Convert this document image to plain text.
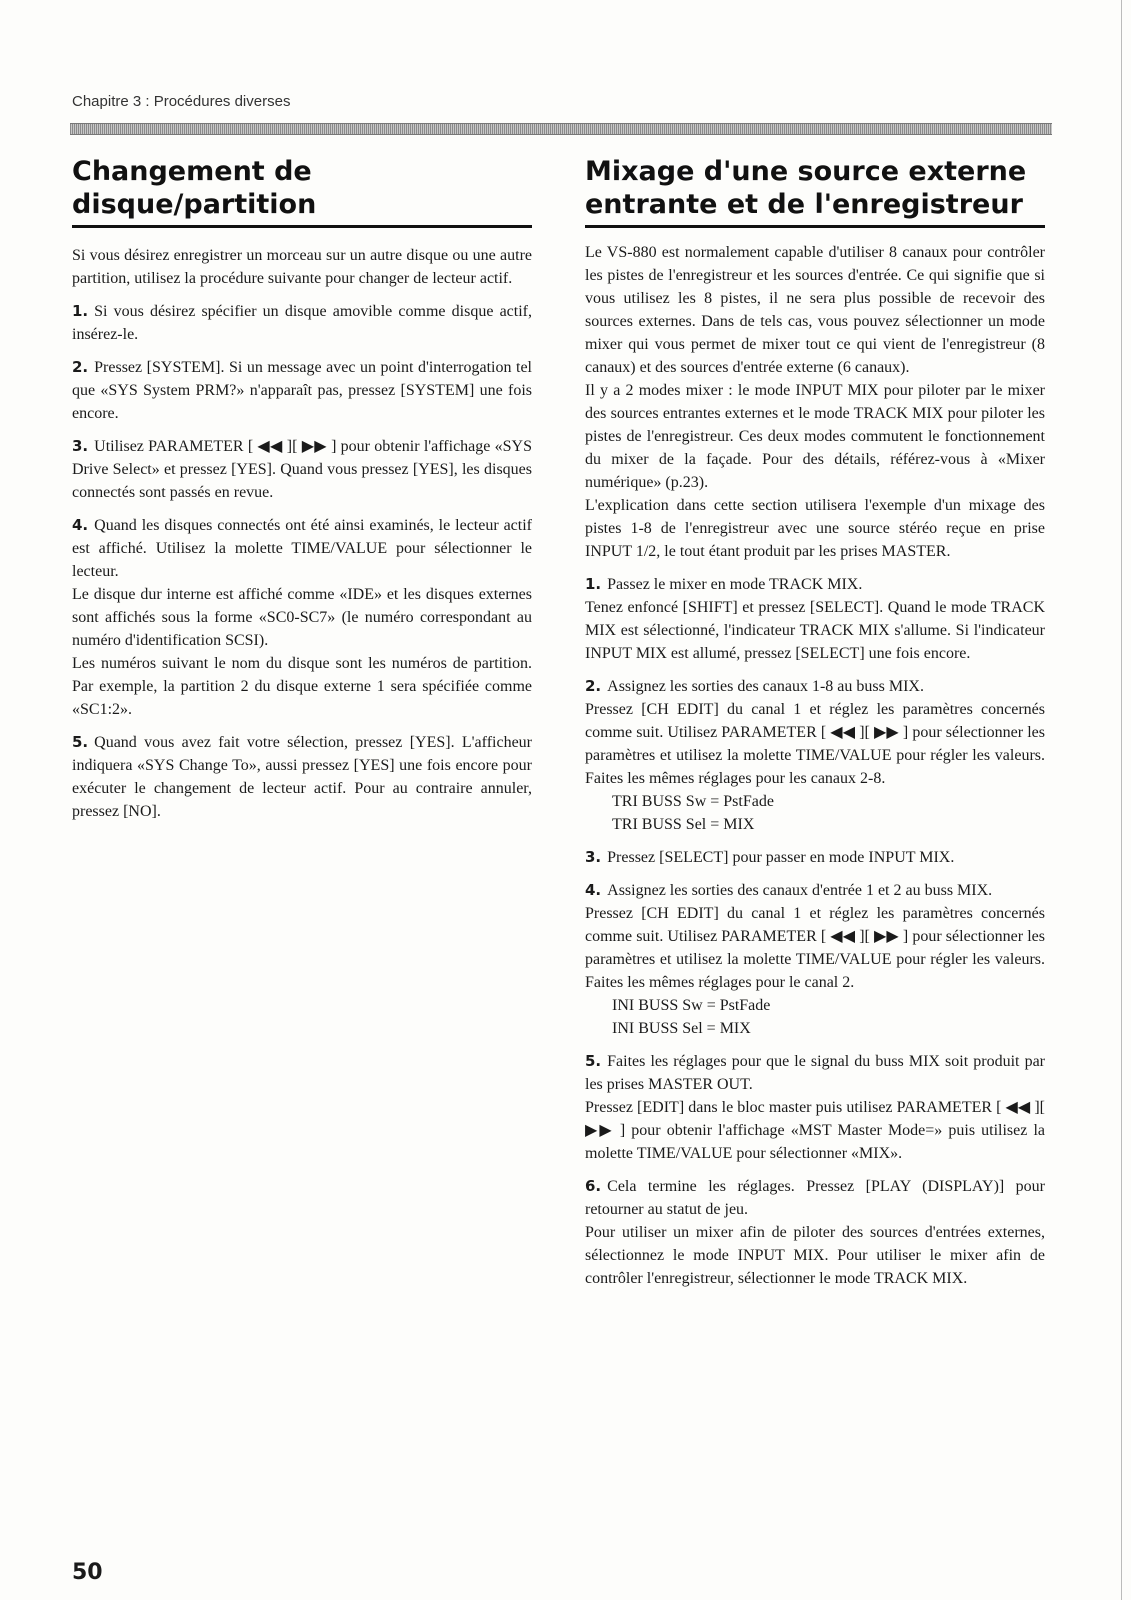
Chapitre 3 : Procédures diverses
Changement de disque/partition

Si vous désirez enregistrer un morceau sur un autre disque ou une autre partition, utilisez la procédure suivante pour changer de lecteur actif.

1. Si vous désirez spécifier un disque amovible comme disque actif, insérez-le.

2. Pressez [SYSTEM]. Si un message avec un point d'interrogation tel que «SYS System PRM?» n'apparaît pas, pressez [SYSTEM] une fois encore.

3. Utilisez PARAMETER [ ◀◀ ][ ▶▶ ] pour obtenir l'affichage «SYS Drive Select» et pressez [YES]. Quand vous pressez [YES], les disques connectés sont passés en revue.

4. Quand les disques connectés ont été ainsi examinés, le lecteur actif est affiché. Utilisez la molette TIME/VALUE pour sélectionner le lecteur.

Le disque dur interne est affiché comme «IDE» et les disques externes sont affichés sous la forme «SC0-SC7» (le numéro correspondant au numéro d'identification SCSI).

Les numéros suivant le nom du disque sont les numéros de partition. Par exemple, la partition 2 du disque externe 1 sera spécifiée comme «SC1:2».

5. Quand vous avez fait votre sélection, pressez [YES]. L'afficheur indiquera «SYS Change To», aussi pressez [YES] une fois encore pour exécuter le changement de lecteur actif. Pour au contraire annuler, pressez [NO].

Mixage d'une source externe entrante et de l'enregistreur

Le VS-880 est normalement capable d'utiliser 8 canaux pour contrôler les pistes de l'enregistreur et les sources d'entrée. Ce qui signifie que si vous utilisez les 8 pistes, il ne sera plus possible de recevoir des sources externes. Dans de tels cas, vous pouvez sélectionner un mode mixer qui vous permet de mixer tout ce qui vient de l'enregistreur (8 canaux) et des sources d'entrée externe (6 canaux).

Il y a 2 modes mixer : le mode INPUT MIX pour piloter par le mixer des sources entrantes externes et le mode TRACK MIX pour piloter les pistes de l'enregistreur. Ces deux modes commutent le fonctionnement du mixer de la façade. Pour des détails, référez-vous à «Mixer numérique» (p.23).

L'explication dans cette section utilisera l'exemple d'un mixage des pistes 1-8 de l'enregistreur avec une source stéréo reçue en prise INPUT 1/2, le tout étant produit par les prises MASTER.

1. Passez le mixer en mode TRACK MIX.

Tenez enfoncé [SHIFT] et pressez [SELECT]. Quand le mode TRACK MIX est sélectionné, l'indicateur TRACK MIX s'allume. Si l'indicateur INPUT MIX est allumé, pressez [SELECT] une fois encore.

2. Assignez les sorties des canaux 1-8 au buss MIX.

Pressez [CH EDIT] du canal 1 et réglez les paramètres concernés comme suit. Utilisez PARAMETER [ ◀◀ ][ ▶▶ ] pour sélectionner les paramètres et utilisez la molette TIME/VALUE pour régler les valeurs. Faites les mêmes réglages pour les canaux 2-8.

TRI BUSS Sw = PstFade

TRI BUSS Sel = MIX

3. Pressez [SELECT] pour passer en mode INPUT MIX.

4. Assignez les sorties des canaux d'entrée 1 et 2 au buss MIX.

Pressez [CH EDIT] du canal 1 et réglez les paramètres concernés comme suit. Utilisez PARAMETER [ ◀◀ ][ ▶▶ ] pour sélectionner les paramètres et utilisez la molette TIME/VALUE pour régler les valeurs. Faites les mêmes réglages pour le canal 2.

INI BUSS Sw = PstFade

INI BUSS Sel = MIX

5. Faites les réglages pour que le signal du buss MIX soit produit par les prises MASTER OUT.

Pressez [EDIT] dans le bloc master puis utilisez PARAMETER [ ◀◀ ][ ▶▶ ] pour obtenir l'affichage «MST Master Mode=» puis utilisez la molette TIME/VALUE pour sélectionner «MIX».

6. Cela termine les réglages. Pressez [PLAY (DISPLAY)] pour retourner au statut de jeu.

Pour utiliser un mixer afin de piloter des sources d'entrées externes, sélectionnez le mode INPUT MIX. Pour utiliser le mixer afin de contrôler l'enregistreur, sélectionner le mode TRACK MIX.

50
